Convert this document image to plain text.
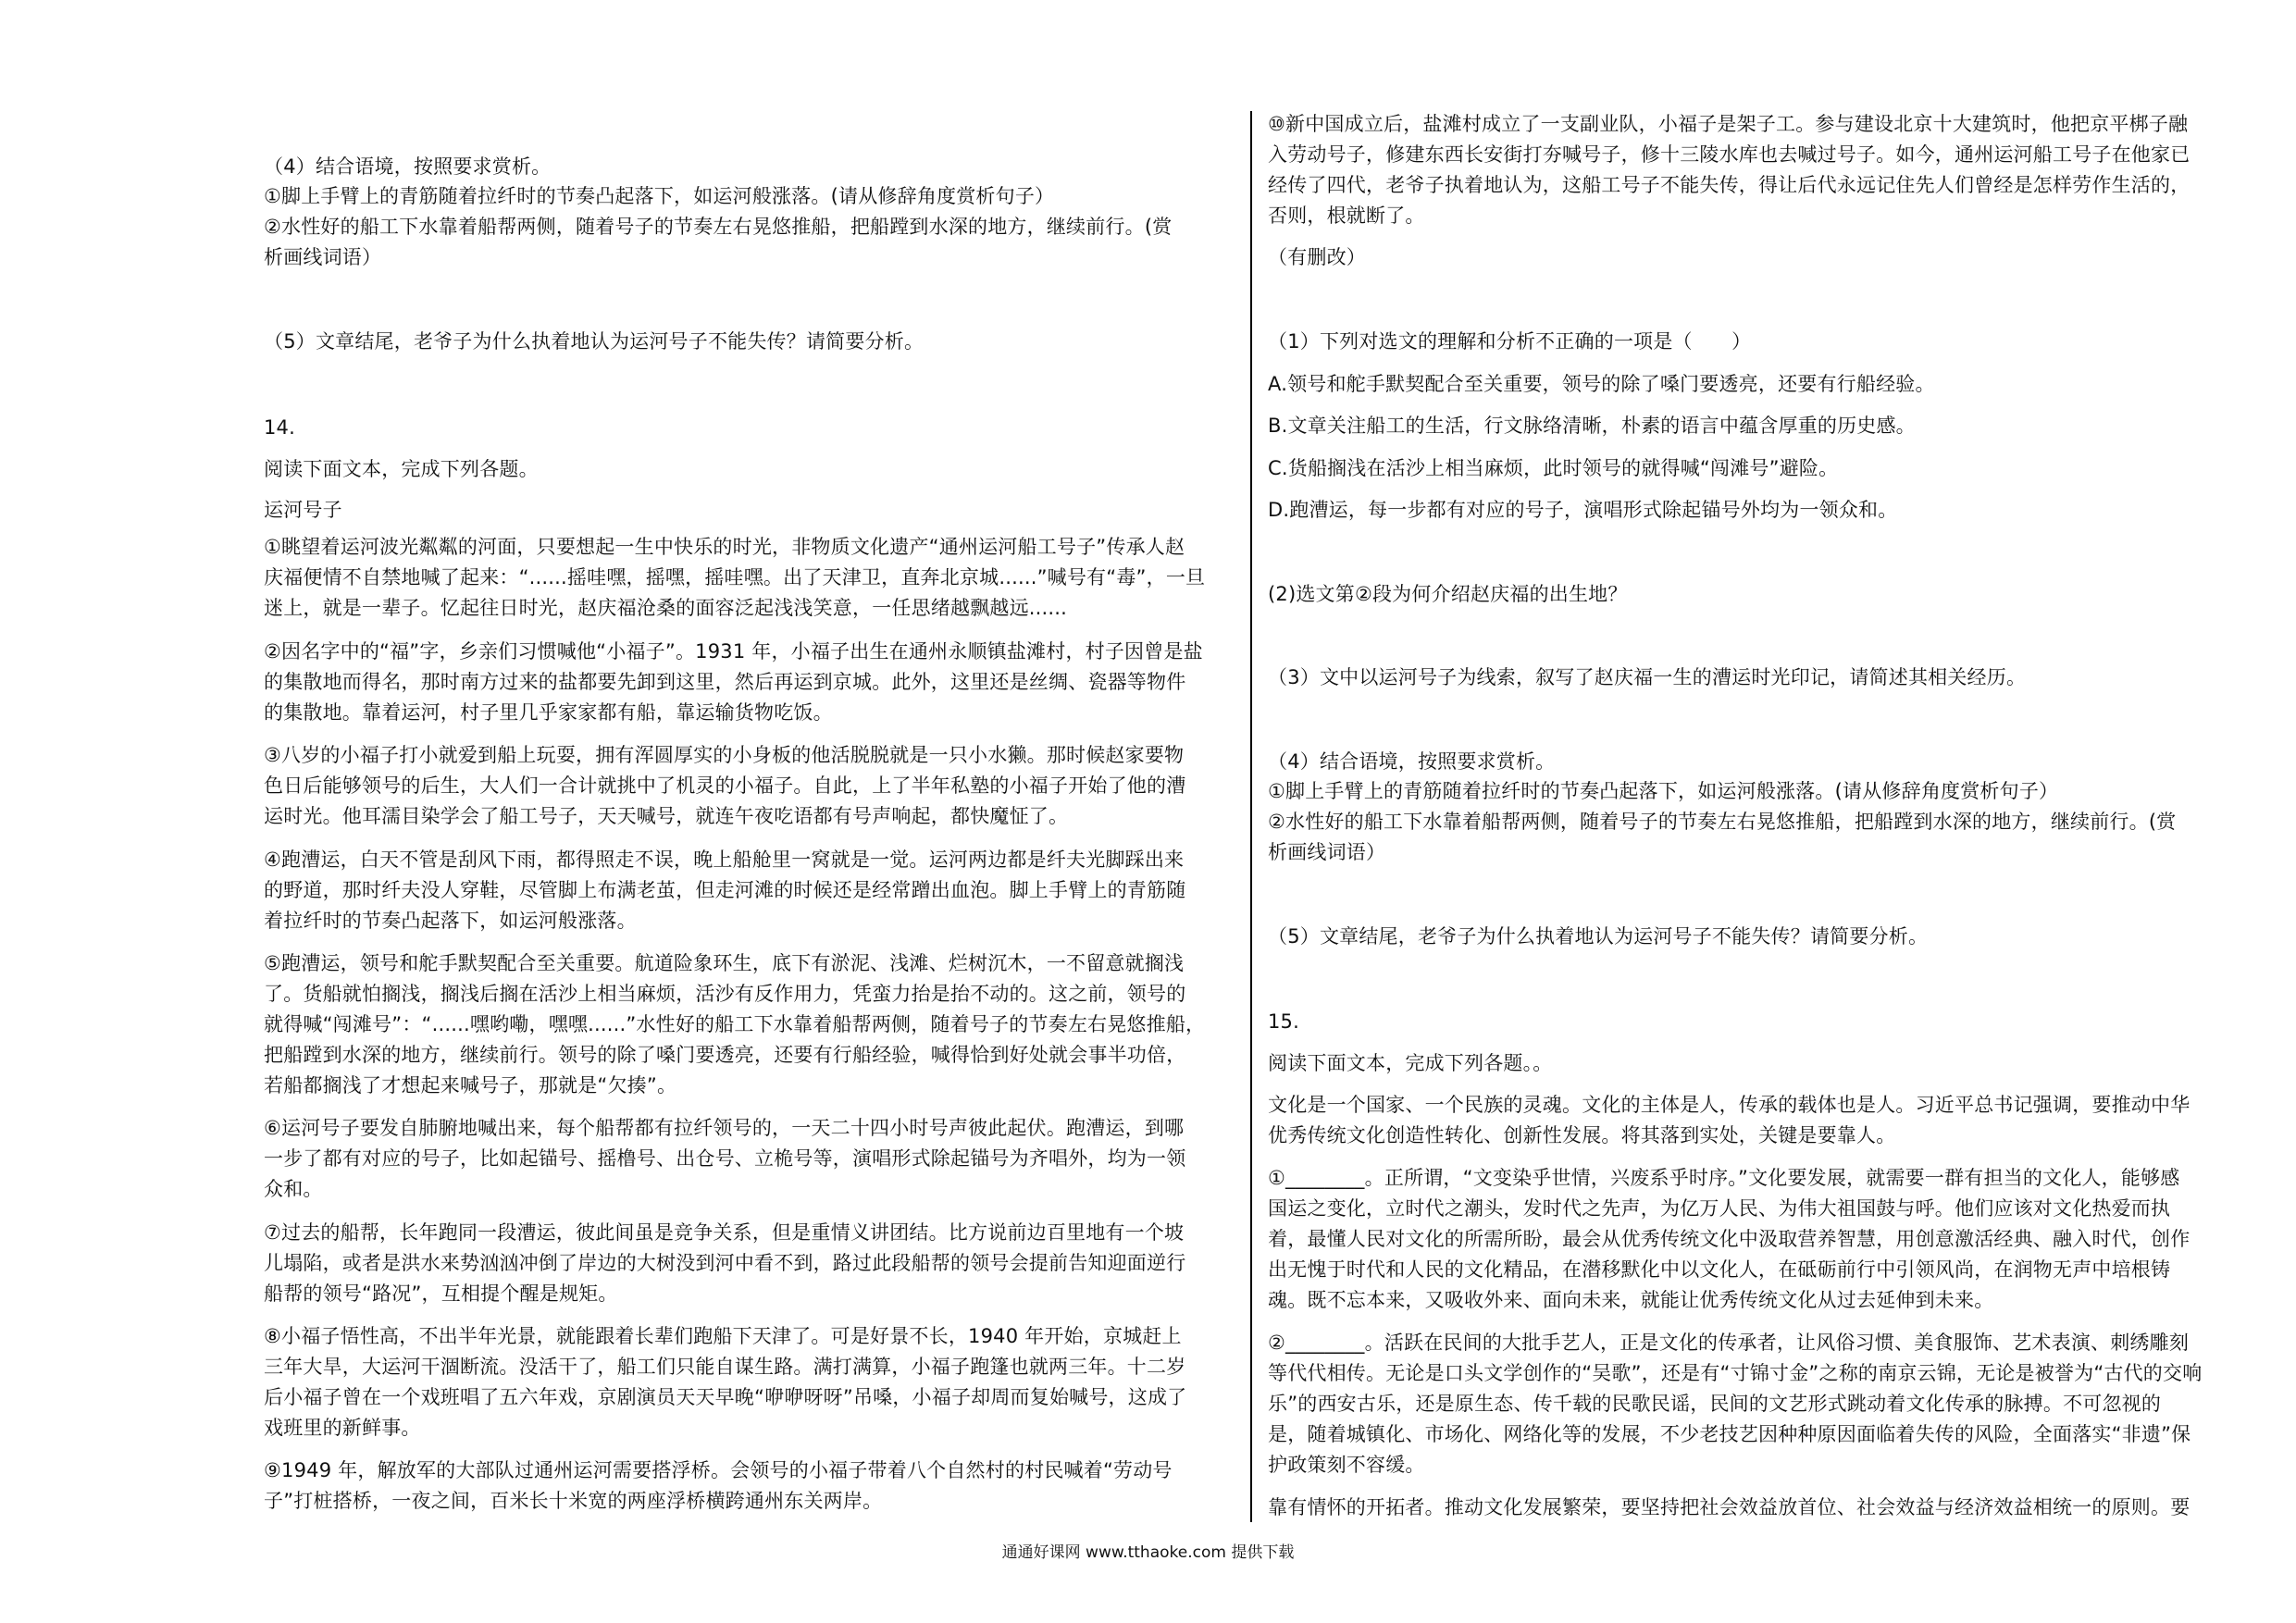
（4）结合语境，按照要求赏析。
①脚上手臂上的青筋随着拉纤时的节奏凸起落下，如运河般涨落。(请从修辞角度赏析句子）
②水性好的船工下水靠着船帮两侧，随着号子的节奏左右晃悠推船，把船蹚到水深的地方，继续前行。(赏
析画线词语）
（5）文章结尾，老爷子为什么执着地认为运河号子不能失传？请简要分析。
14.
阅读下面文本，完成下列各题。
运河号子
①眺望着运河波光粼粼的河面，只要想起一生中快乐的时光，非物质文化遗产“通州运河船工号子”传承人赵
庆福便情不自禁地喊了起来：“......摇哇嘿，摇嘿，摇哇嘿。出了天津卫，直奔北京城......”喊号有“毒”，一旦
迷上，就是一辈子。忆起往日时光，赵庆福沧桑的面容泛起浅浅笑意，一任思绪越飘越远......
②因名字中的“福”字，乡亲们习惯喊他“小福子”。1931 年，小福子出生在通州永顺镇盐滩村，村子因曾是盐
的集散地而得名，那时南方过来的盐都要先卸到这里，然后再运到京城。此外，这里还是丝绸、瓷器等物件
的集散地。靠着运河，村子里几乎家家都有船，靠运输货物吃饭。
③八岁的小福子打小就爱到船上玩耍，拥有浑圆厚实的小身板的他活脱脱就是一只小水獭。那时候赵家要物
色日后能够领号的后生，大人们一合计就挑中了机灵的小福子。自此，上了半年私塾的小福子开始了他的漕
运时光。他耳濡目染学会了船工号子，天天喊号，就连午夜吃语都有号声响起，都快魔怔了。
④跑漕运，白天不管是刮风下雨，都得照走不误，晚上船舱里一窝就是一觉。运河两边都是纤夫光脚踩出来
的野道，那时纤夫没人穿鞋，尽管脚上布满老茧，但走河滩的时候还是经常蹭出血泡。脚上手臂上的青筋随
着拉纤时的节奏凸起落下，如运河般涨落。
⑤跑漕运，领号和舵手默契配合至关重要。航道险象环生，底下有淤泥、浅滩、烂树沉木，一不留意就搁浅
了。货船就怕搁浅，搁浅后搁在活沙上相当麻烦，活沙有反作用力，凭蛮力抬是抬不动的。这之前，领号的
就得喊“闯滩号”：“......嘿哟嘞，嘿嘿......”水性好的船工下水靠着船帮两侧，随着号子的节奏左右晃悠推船，
把船蹚到水深的地方，继续前行。领号的除了嗓门要透亮，还要有行船经验，喊得恰到好处就会事半功倍，
若船都搁浅了才想起来喊号子，那就是“欠揍”。
⑥运河号子要发自肺腑地喊出来，每个船帮都有拉纤领号的，一天二十四小时号声彼此起伏。跑漕运，到哪
一步了都有对应的号子，比如起锚号、摇橹号、出仓号、立桅号等，演唱形式除起锚号为齐唱外，均为一领
众和。
⑦过去的船帮，长年跑同一段漕运，彼此间虽是竞争关系，但是重情义讲团结。比方说前边百里地有一个坡
儿塌陷，或者是洪水来势汹汹冲倒了岸边的大树没到河中看不到，路过此段船帮的领号会提前告知迎面逆行
船帮的领号“路况”，互相提个醒是规矩。
⑧小福子悟性高，不出半年光景，就能跟着长辈们跑船下天津了。可是好景不长，1940 年开始，京城赶上
三年大旱，大运河干涸断流。没活干了，船工们只能自谋生路。满打满算，小福子跑篷也就两三年。十二岁
后小福子曾在一个戏班唱了五六年戏，京剧演员天天早晚“咿咿呀呀”吊嗓，小福子却周而复始喊号，这成了
戏班里的新鲜事。
⑨1949 年，解放军的大部队过通州运河需要搭浮桥。会领号的小福子带着八个自然村的村民喊着“劳动号
子”打桩搭桥，一夜之间，百米长十米宽的两座浮桥横跨通州东关两岸。
⑩新中国成立后，盐滩村成立了一支副业队，小福子是架子工。参与建设北京十大建筑时，他把京平梆子融
入劳动号子，修建东西长安街打夯喊号子，修十三陵水库也去喊过号子。如今，通州运河船工号子在他家已
经传了四代，老爷子执着地认为，这船工号子不能失传，得让后代永远记住先人们曾经是怎样劳作生活的，
否则，根就断了。
（有删改）
（1）下列对选文的理解和分析不正确的一项是（　　）
A.领号和舵手默契配合至关重要，领号的除了嗓门要透亮，还要有行船经验。
B.文章关注船工的生活，行文脉络清晰，朴素的语言中蕴含厚重的历史感。
C.货船搁浅在活沙上相当麻烦，此时领号的就得喊“闯滩号”避险。
D.跑漕运，每一步都有对应的号子，演唱形式除起锚号外均为一领众和。
(2)选文第②段为何介绍赵庆福的出生地？
（3）文中以运河号子为线索，叙写了赵庆福一生的漕运时光印记，请简述其相关经历。
（4）结合语境，按照要求赏析。
①脚上手臂上的青筋随着拉纤时的节奏凸起落下，如运河般涨落。(请从修辞角度赏析句子）
②水性好的船工下水靠着船帮两侧，随着号子的节奏左右晃悠推船，把船蹚到水深的地方，继续前行。(赏
析画线词语）
（5）文章结尾，老爷子为什么执着地认为运河号子不能失传？请简要分析。
15.
阅读下面文本，完成下列各题。。
文化是一个国家、一个民族的灵魂。文化的主体是人，传承的载体也是人。习近平总书记强调，要推动中华
优秀传统文化创造性转化、创新性发展。将其落到实处，关键是要靠人。
①________。正所谓，“文变染乎世情，兴废系乎时序。”文化要发展，就需要一群有担当的文化人，能够感
国运之变化，立时代之潮头，发时代之先声，为亿万人民、为伟大祖国鼓与呼。他们应该对文化热爱而执
着，最懂人民对文化的所需所盼，最会从优秀传统文化中汲取营养智慧，用创意激活经典、融入时代，创作
出无愧于时代和人民的文化精品，在潜移默化中以文化人，在砥砺前行中引领风尚，在润物无声中培根铸
魂。既不忘本来，又吸收外来、面向未来，就能让优秀传统文化从过去延伸到未来。
②________。活跃在民间的大批手艺人，正是文化的传承者，让风俗习惯、美食服饰、艺术表演、刺绣雕刻
等代代相传。无论是口头文学创作的“吴歌”，还是有“寸锦寸金”之称的南京云锦，无论是被誉为“古代的交响
乐”的西安古乐，还是原生态、传千载的民歌民谣，民间的文艺形式跳动着文化传承的脉搏。不可忽视的
是，随着城镇化、市场化、网络化等的发展，不少老技艺因种种原因面临着失传的风险，全面落实“非遗”保
护政策刻不容缓。
靠有情怀的开拓者。推动文化发展繁荣，要坚持把社会效益放首位、社会效益与经济效益相统一的原则。要
通通好课网 www.tthaoke.com 提供下载
